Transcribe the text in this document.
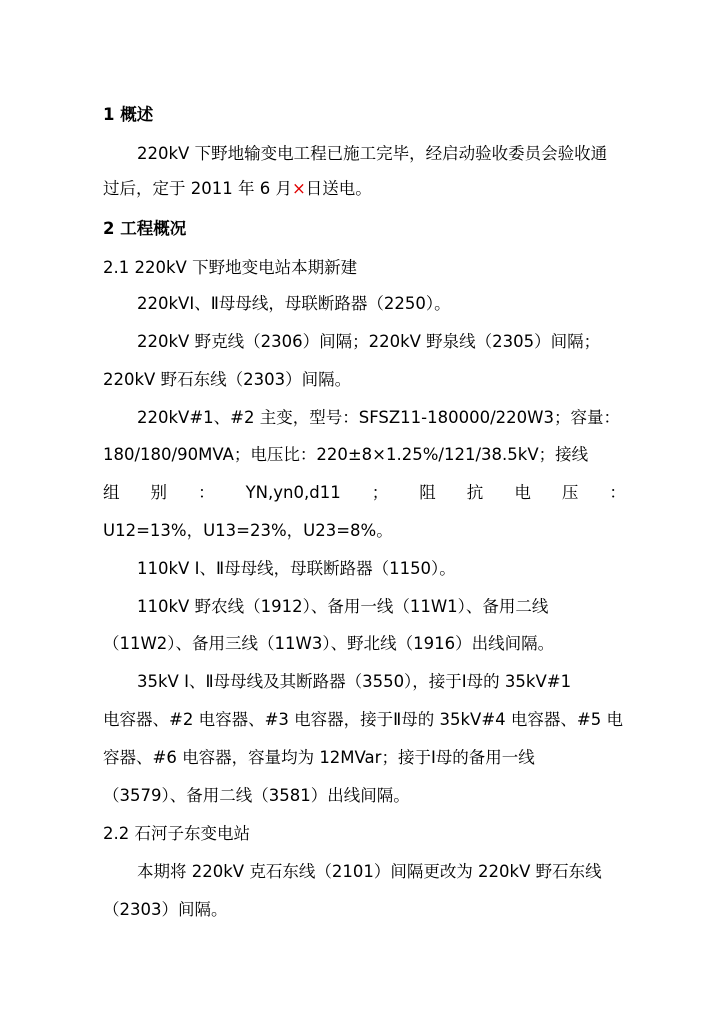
1 概述
220kV 下野地输变电工程已施工完毕，经启动验收委员会验收通
过后，定于 2011 年 6 月×日送电。
2 工程概况
2.1 220kV 下野地变电站本期新建
220kVⅠ、Ⅱ母母线，母联断路器（2250）。
220kV 野克线（2306）间隔；220kV 野泉线（2305）间隔；
220kV 野石东线（2303）间隔。
220kV#1、#2 主变，型号：SFSZ11-180000/220W3；容量：
180/180/90MVA；电压比：220±8×1.25%/121/38.5kV；接线
组 别 ： YN,yn0,d11 ； 阻 抗 电 压 ：
U12=13%，U13=23%，U23=8%。
110kV Ⅰ、Ⅱ母母线，母联断路器（1150）。
110kV 野农线（1912）、备用一线（11W1）、备用二线
（11W2）、备用三线（11W3）、野北线（1916）出线间隔。
35kV Ⅰ、Ⅱ母母线及其断路器（3550），接于Ⅰ母的 35kV#1
电容器、#2 电容器、#3 电容器，接于Ⅱ母的 35kV#4 电容器、#5 电
容器、#6 电容器，容量均为 12MVar；接于Ⅰ母的备用一线
（3579）、备用二线（3581）出线间隔。
2.2 石河子东变电站
本期将 220kV 克石东线（2101）间隔更改为 220kV 野石东线
（2303）间隔。
